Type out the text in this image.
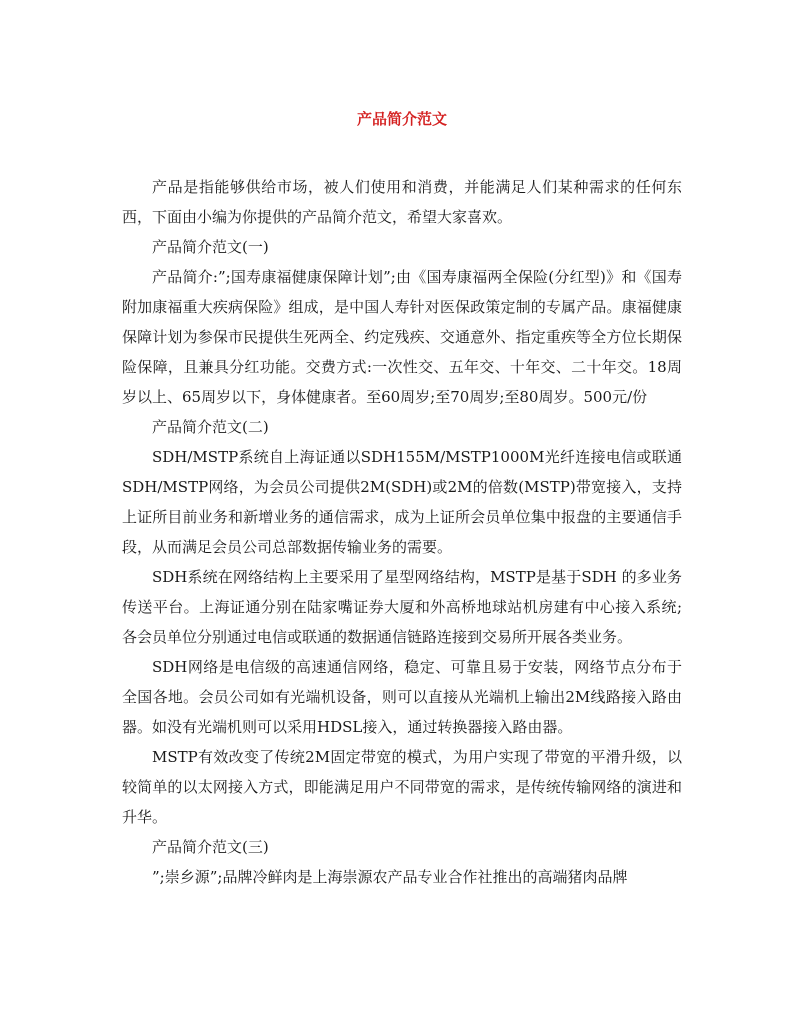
产品简介范文

产品是指能够供给市场，被人们使用和消费，并能满足人们某种需求的任何东西，下面由小编为你提供的产品简介范文，希望大家喜欢。

产品简介范文(一)

产品简介:”;国寿康福健康保障计划”;由《国寿康福两全保险(分红型)》和《国寿附加康福重大疾病保险》组成，是中国人寿针对医保政策定制的专属产品。康福健康保障计划为参保市民提供生死两全、约定残疾、交通意外、指定重疾等全方位长期保险保障，且兼具分红功能。交费方式:一次性交、五年交、十年交、二十年交。18周岁以上、65周岁以下，身体健康者。至60周岁;至70周岁;至80周岁。500元/份

产品简介范文(二)

SDH/MSTP系统自上海证通以SDH155M/MSTP1000M光纤连接电信或联通SDH/MSTP网络，为会员公司提供2M(SDH)或2M的倍数(MSTP)带宽接入，支持上证所目前业务和新增业务的通信需求，成为上证所会员单位集中报盘的主要通信手段，从而满足会员公司总部数据传输业务的需要。

SDH系统在网络结构上主要采用了星型网络结构，MSTP是基于SDH 的多业务传送平台。上海证通分别在陆家嘴证券大厦和外高桥地球站机房建有中心接入系统;各会员单位分别通过电信或联通的数据通信链路连接到交易所开展各类业务。

SDH网络是电信级的高速通信网络，稳定、可靠且易于安装，网络节点分布于全国各地。会员公司如有光端机设备，则可以直接从光端机上输出2M线路接入路由器。如没有光端机则可以采用HDSL接入，通过转换器接入路由器。

MSTP有效改变了传统2M固定带宽的模式，为用户实现了带宽的平滑升级，以较简单的以太网接入方式，即能满足用户不同带宽的需求，是传统传输网络的演进和升华。

产品简介范文(三)

”;崇乡源”;品牌冷鲜肉是上海崇源农产品专业合作社推出的高端猪肉品牌
